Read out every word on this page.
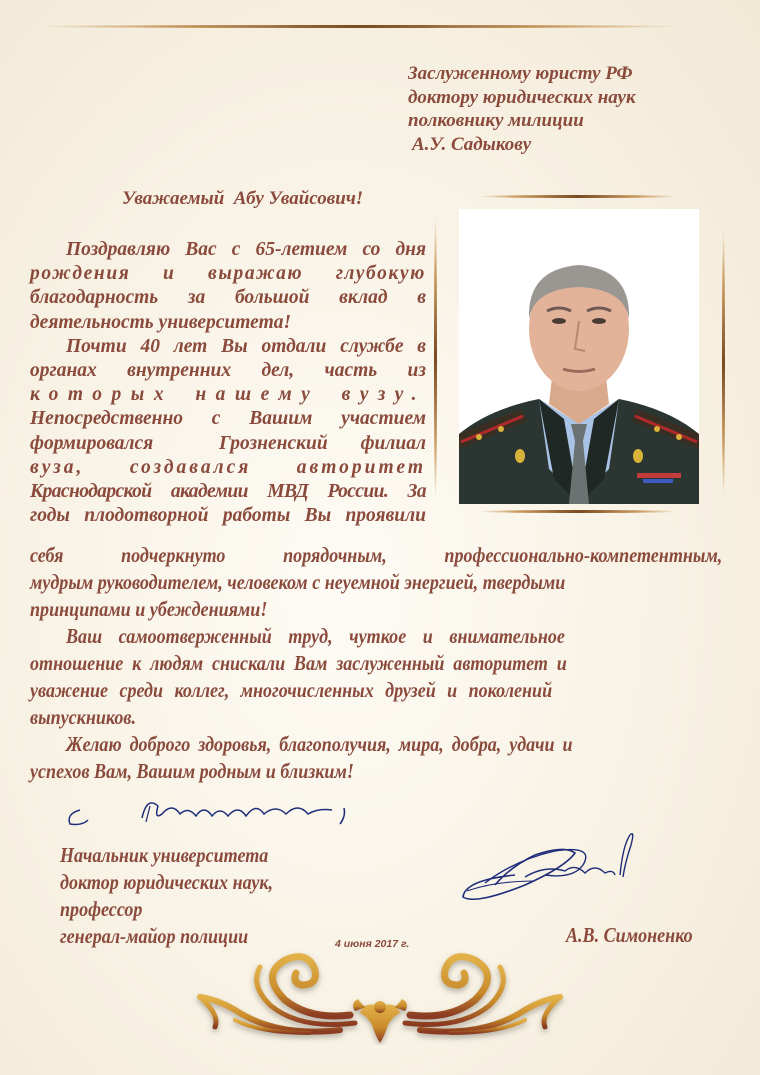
Заслуженному юристу РФ
доктору юридических наук
полковнику милиции
А.У. Садыкову
Уважаемый  Абу Увайсович!

Поздравляю Вас с 65-летием со дня

рождения и выражаю глубокую

благодарность за большой вклад в

деятельность университета!

Почти 40 лет Вы отдали службе в

органах внутренних дел, часть из

которых нашему вузу.

Непосредственно с Вашим участием

формировался  Грозненский филиал

вуза, создавался авторитет

Краснодарской академии МВД России. За

годы плодотворной работы Вы проявили

себя подчеркнуто порядочным, профессионально-компетентным,

мудрым руководителем, человеком с неуемной энергией, твердыми

принципами и убеждениями!

Ваш самоотверженный труд, чуткое и внимательное

отношение к людям снискали Вам заслуженный авторитет и

уважение среди коллег, многочисленных друзей и поколений

выпускников.

Желаю доброго здоровья, благополучия, мира, добра, удачи и

успехов Вам, Вашим родным и близким!

Начальник университета
доктор юридических наук,
профессор
генерал-майор полиции	А.В. Симоненко
4 июня 2017 г.
